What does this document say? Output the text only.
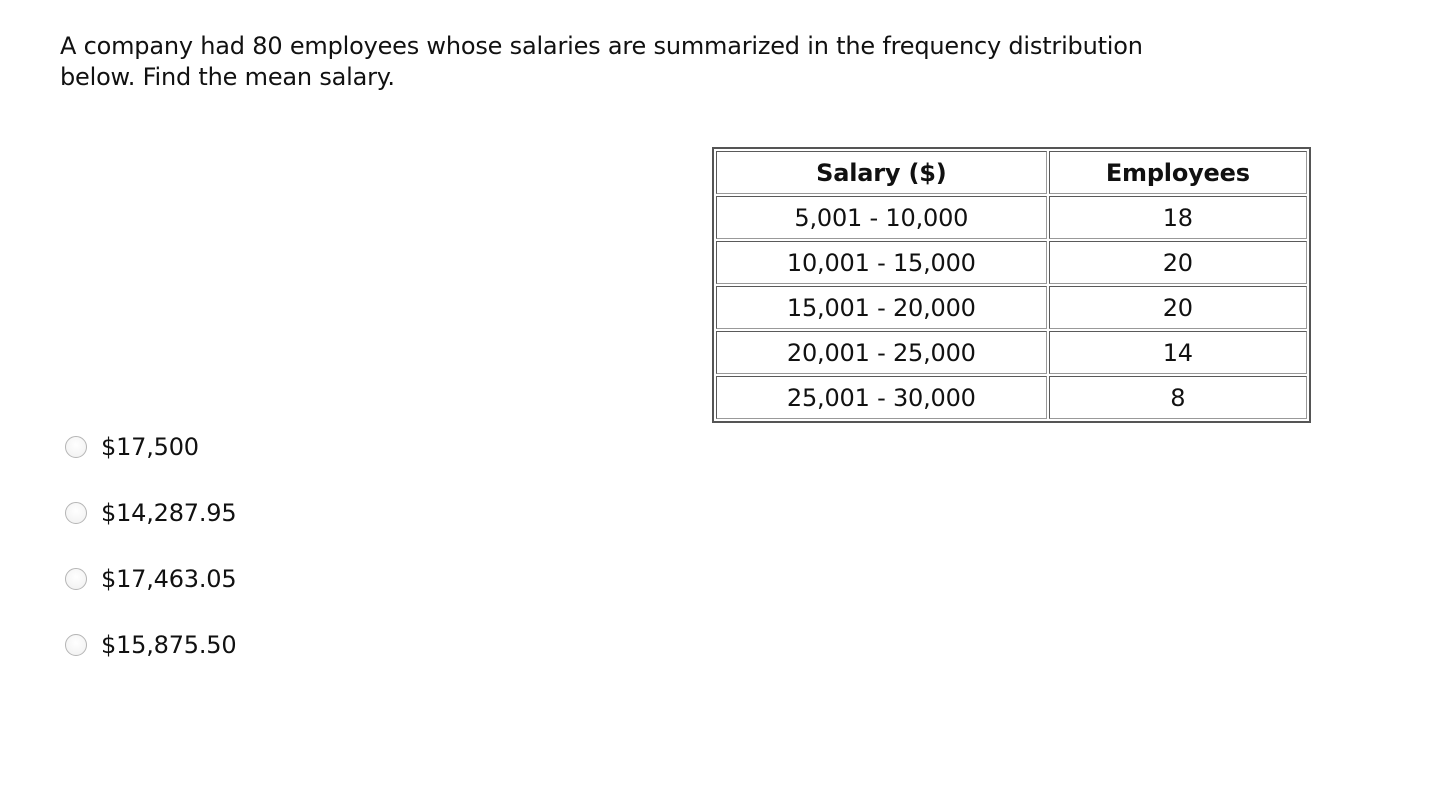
A company had 80 employees whose salaries are summarized in the frequency distribution
below. Find the mean salary.

Salary ($)	Employees
5,001 - 10,000	18
10,001 - 15,000	20
15,001 - 20,000	20
20,001 - 25,000	14
25,001 - 30,000	8
$17,500
$14,287.95
$17,463.05
$15,875.50
